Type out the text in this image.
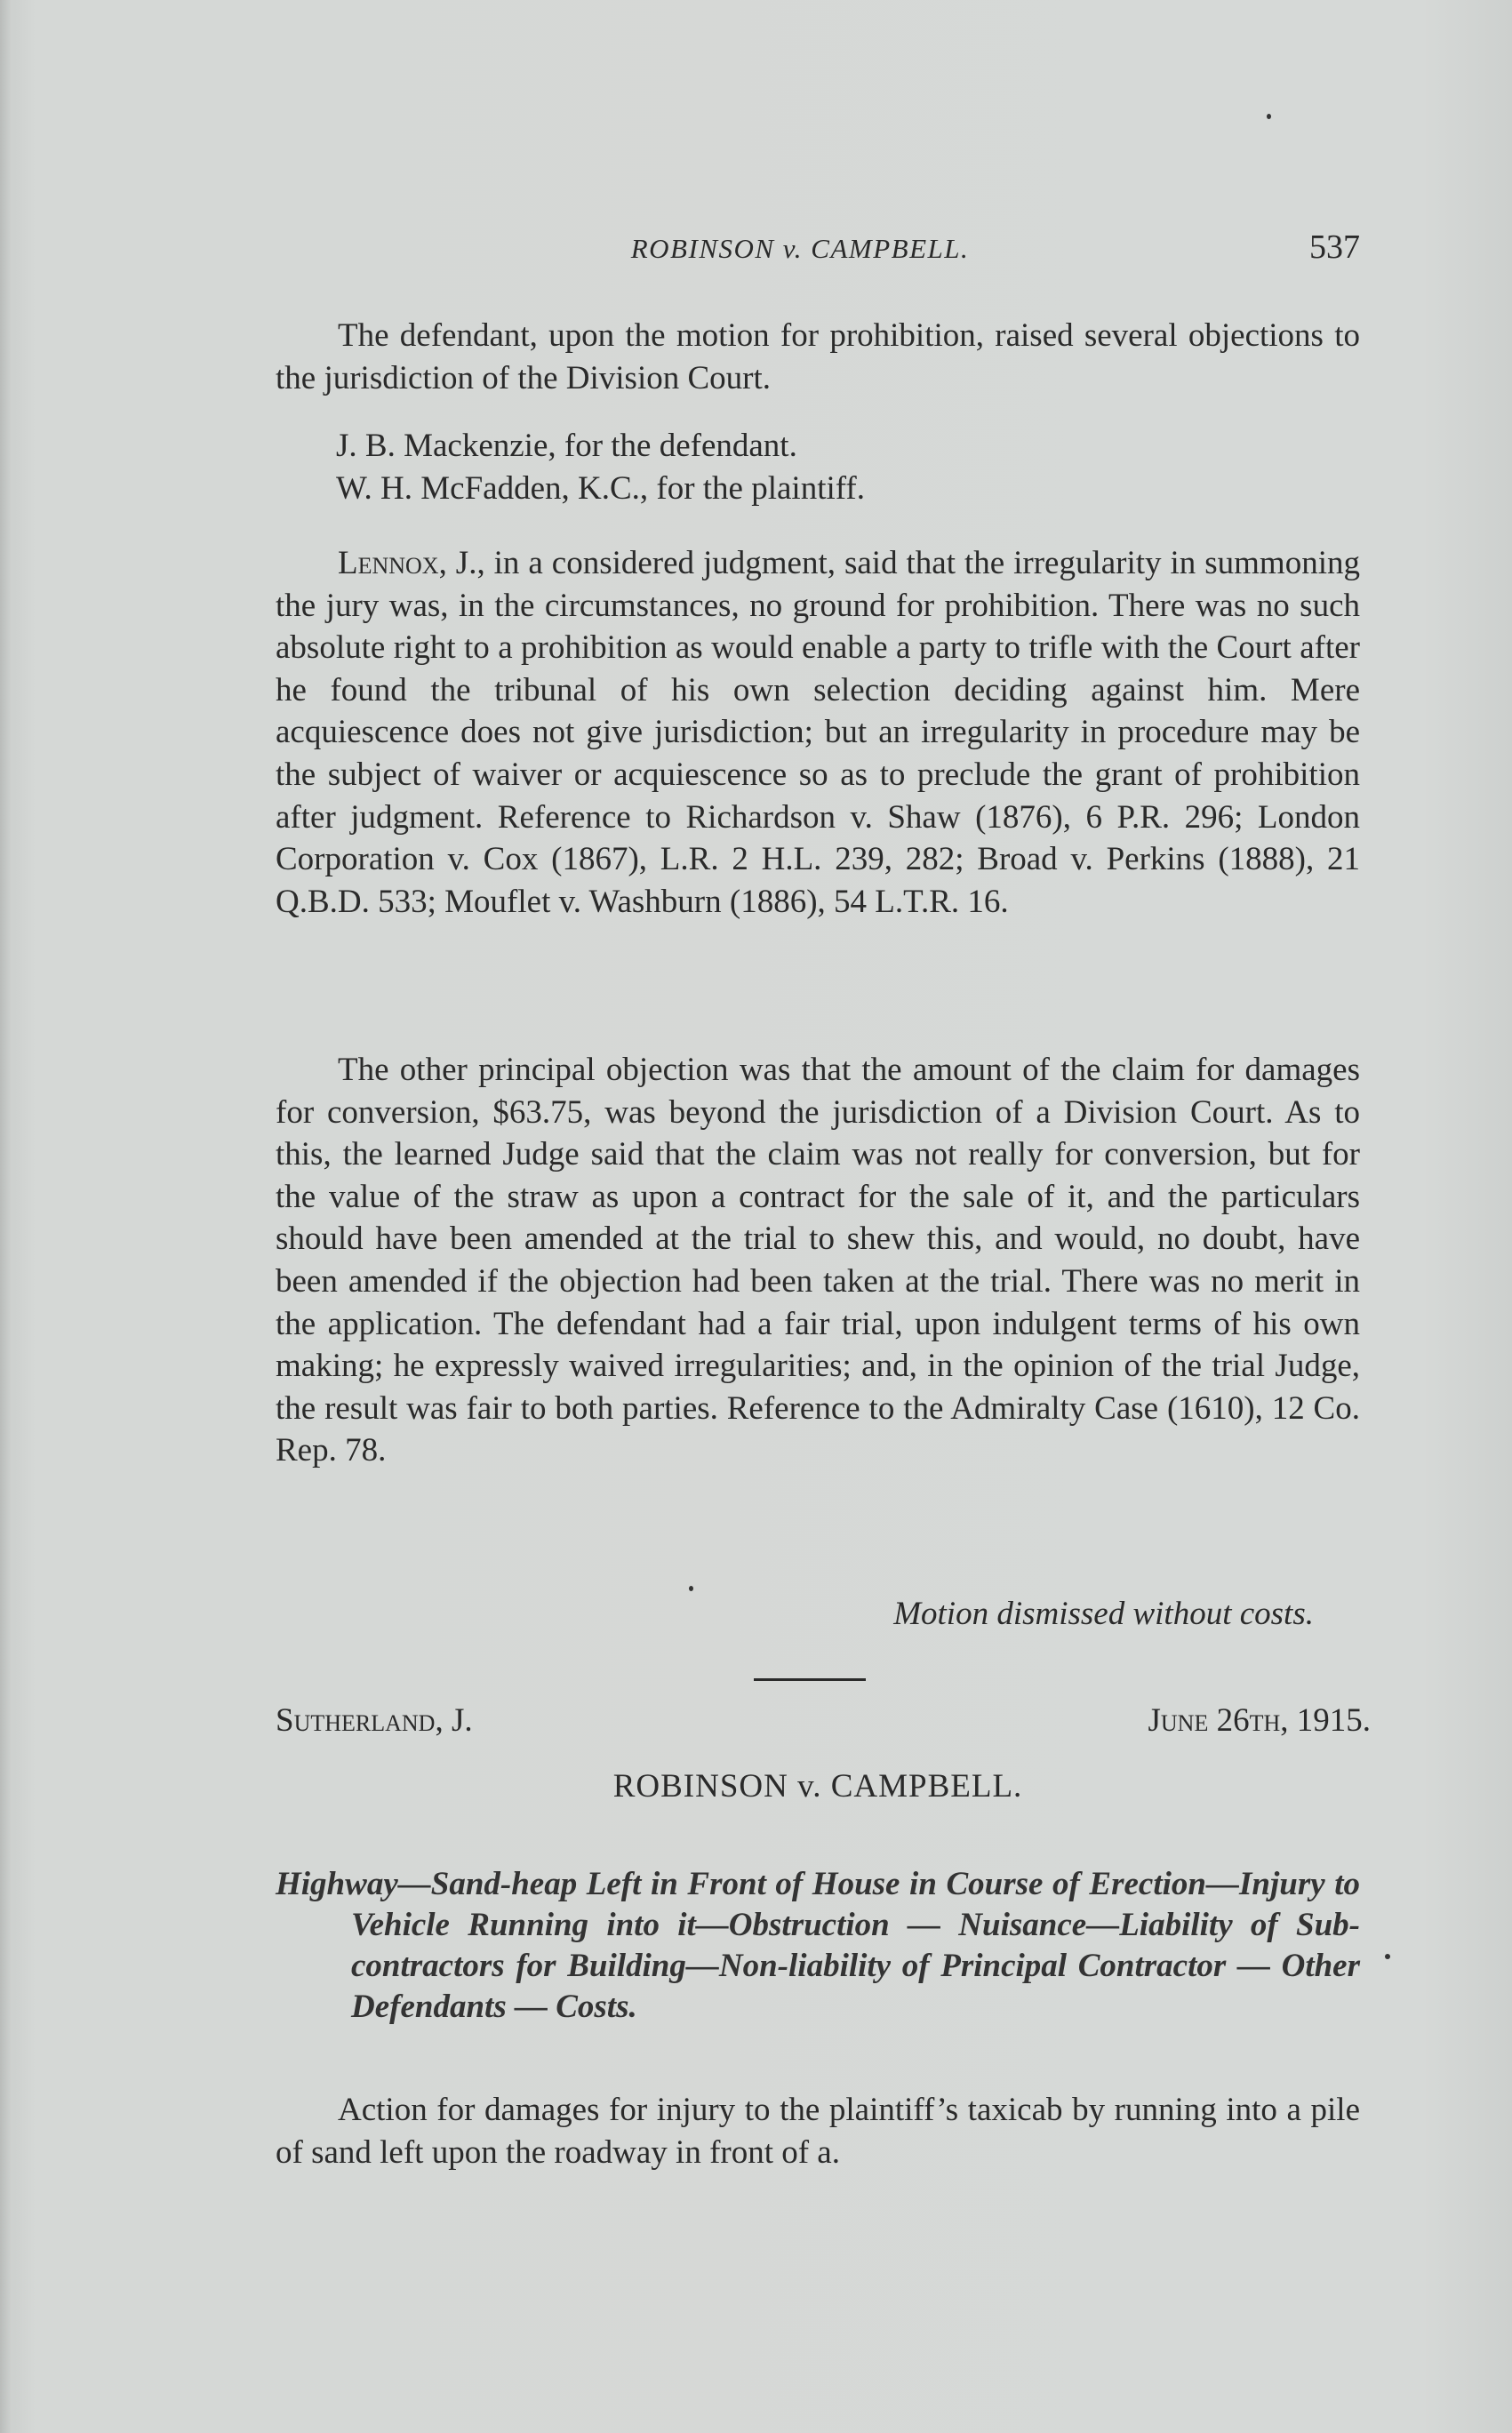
ROBINSON v. CAMPBELL.	537

The defendant, upon the motion for prohibition, raised several objections to the jurisdiction of the Division Court.

J. B. Mackenzie, for the defendant.
W. H. McFadden, K.C., for the plaintiff.

Lennox, J., in a considered judgment, said that the irregularity in summoning the jury was, in the circumstances, no ground for prohibition. There was no such absolute right to a prohibition as would enable a party to trifle with the Court after he found the tribunal of his own selection deciding against him. Mere acquiescence does not give jurisdiction; but an irregularity in procedure may be the subject of waiver or acquiescence so as to preclude the grant of prohibition after judgment. Reference to Richardson v. Shaw (1876), 6 P.R. 296; London Corporation v. Cox (1867), L.R. 2 H.L. 239, 282; Broad v. Perkins (1888), 21 Q.B.D. 533; Mouflet v. Washburn (1886), 54 L.T.R. 16.

The other principal objection was that the amount of the claim for damages for conversion, $63.75, was beyond the jurisdiction of a Division Court. As to this, the learned Judge said that the claim was not really for conversion, but for the value of the straw as upon a contract for the sale of it, and the particulars should have been amended at the trial to shew this, and would, no doubt, have been amended if the objection had been taken at the trial. There was no merit in the application. The defendant had a fair trial, upon indulgent terms of his own making; he expressly waived irregularities; and, in the opinion of the trial Judge, the result was fair to both parties. Reference to the Admiralty Case (1610), 12 Co. Rep. 78.

Motion dismissed without costs.
Sutherland, J.	June 26th, 1915.
ROBINSON v. CAMPBELL.

Highway—Sand-heap Left in Front of House in Course of Erection—Injury to Vehicle Running into it—Obstruction — Nuisance—Liability of Sub-contractors for Building—Non-liability of Principal Contractor — Other Defendants — Costs.

Action for damages for injury to the plaintiff’s taxicab by running into a pile of sand left upon the roadway in front of a.
